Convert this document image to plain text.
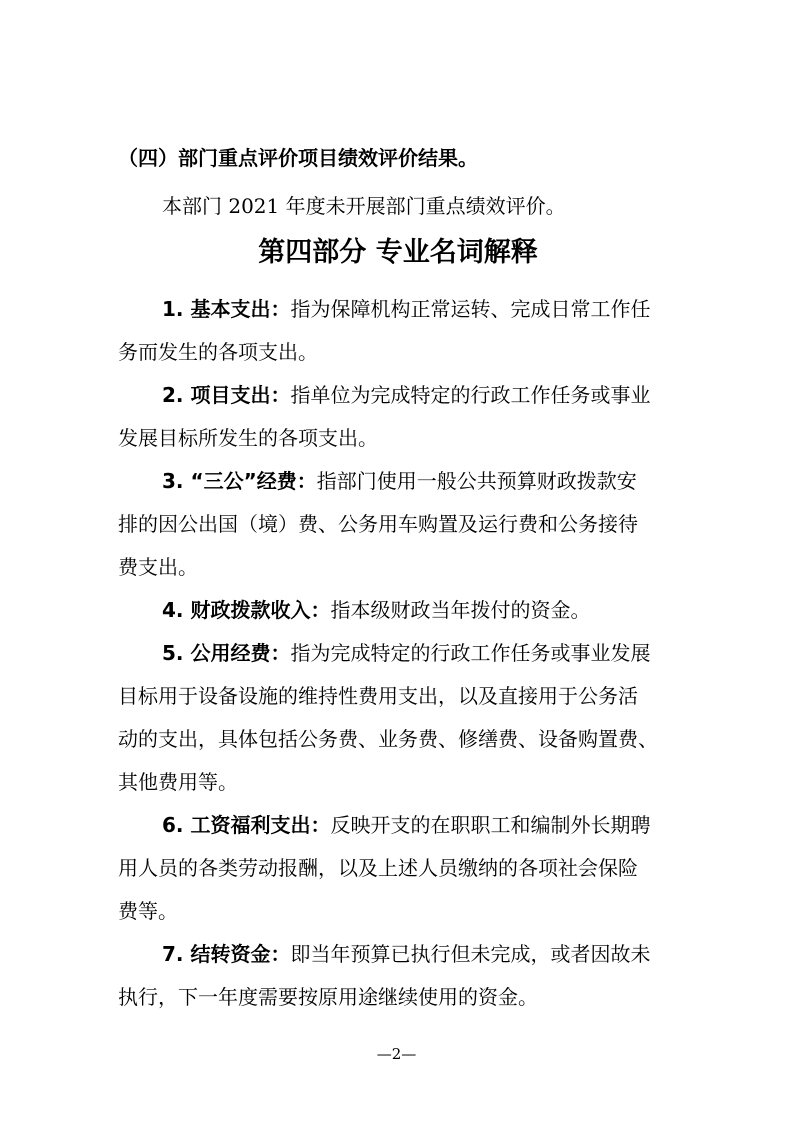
（四）部门重点评价项目绩效评价结果。
本部门 2021 年度未开展部门重点绩效评价。
第四部分 专业名词解释
1. 基本支出：指为保障机构正常运转、完成日常工作任
务而发生的各项支出。
2. 项目支出：指单位为完成特定的行政工作任务或事业
发展目标所发生的各项支出。
3. “三公”经费：指部门使用一般公共预算财政拨款安
排的因公出国（境）费、公务用车购置及运行费和公务接待
费支出。
4. 财政拨款收入：指本级财政当年拨付的资金。
5. 公用经费：指为完成特定的行政工作任务或事业发展
目标用于设备设施的维持性费用支出，以及直接用于公务活
动的支出，具体包括公务费、业务费、修缮费、设备购置费、
其他费用等。
6. 工资福利支出：反映开支的在职职工和编制外长期聘
用人员的各类劳动报酬，以及上述人员缴纳的各项社会保险
费等。
7. 结转资金：即当年预算已执行但未完成，或者因故未
执行，下一年度需要按原用途继续使用的资金。
—2—
